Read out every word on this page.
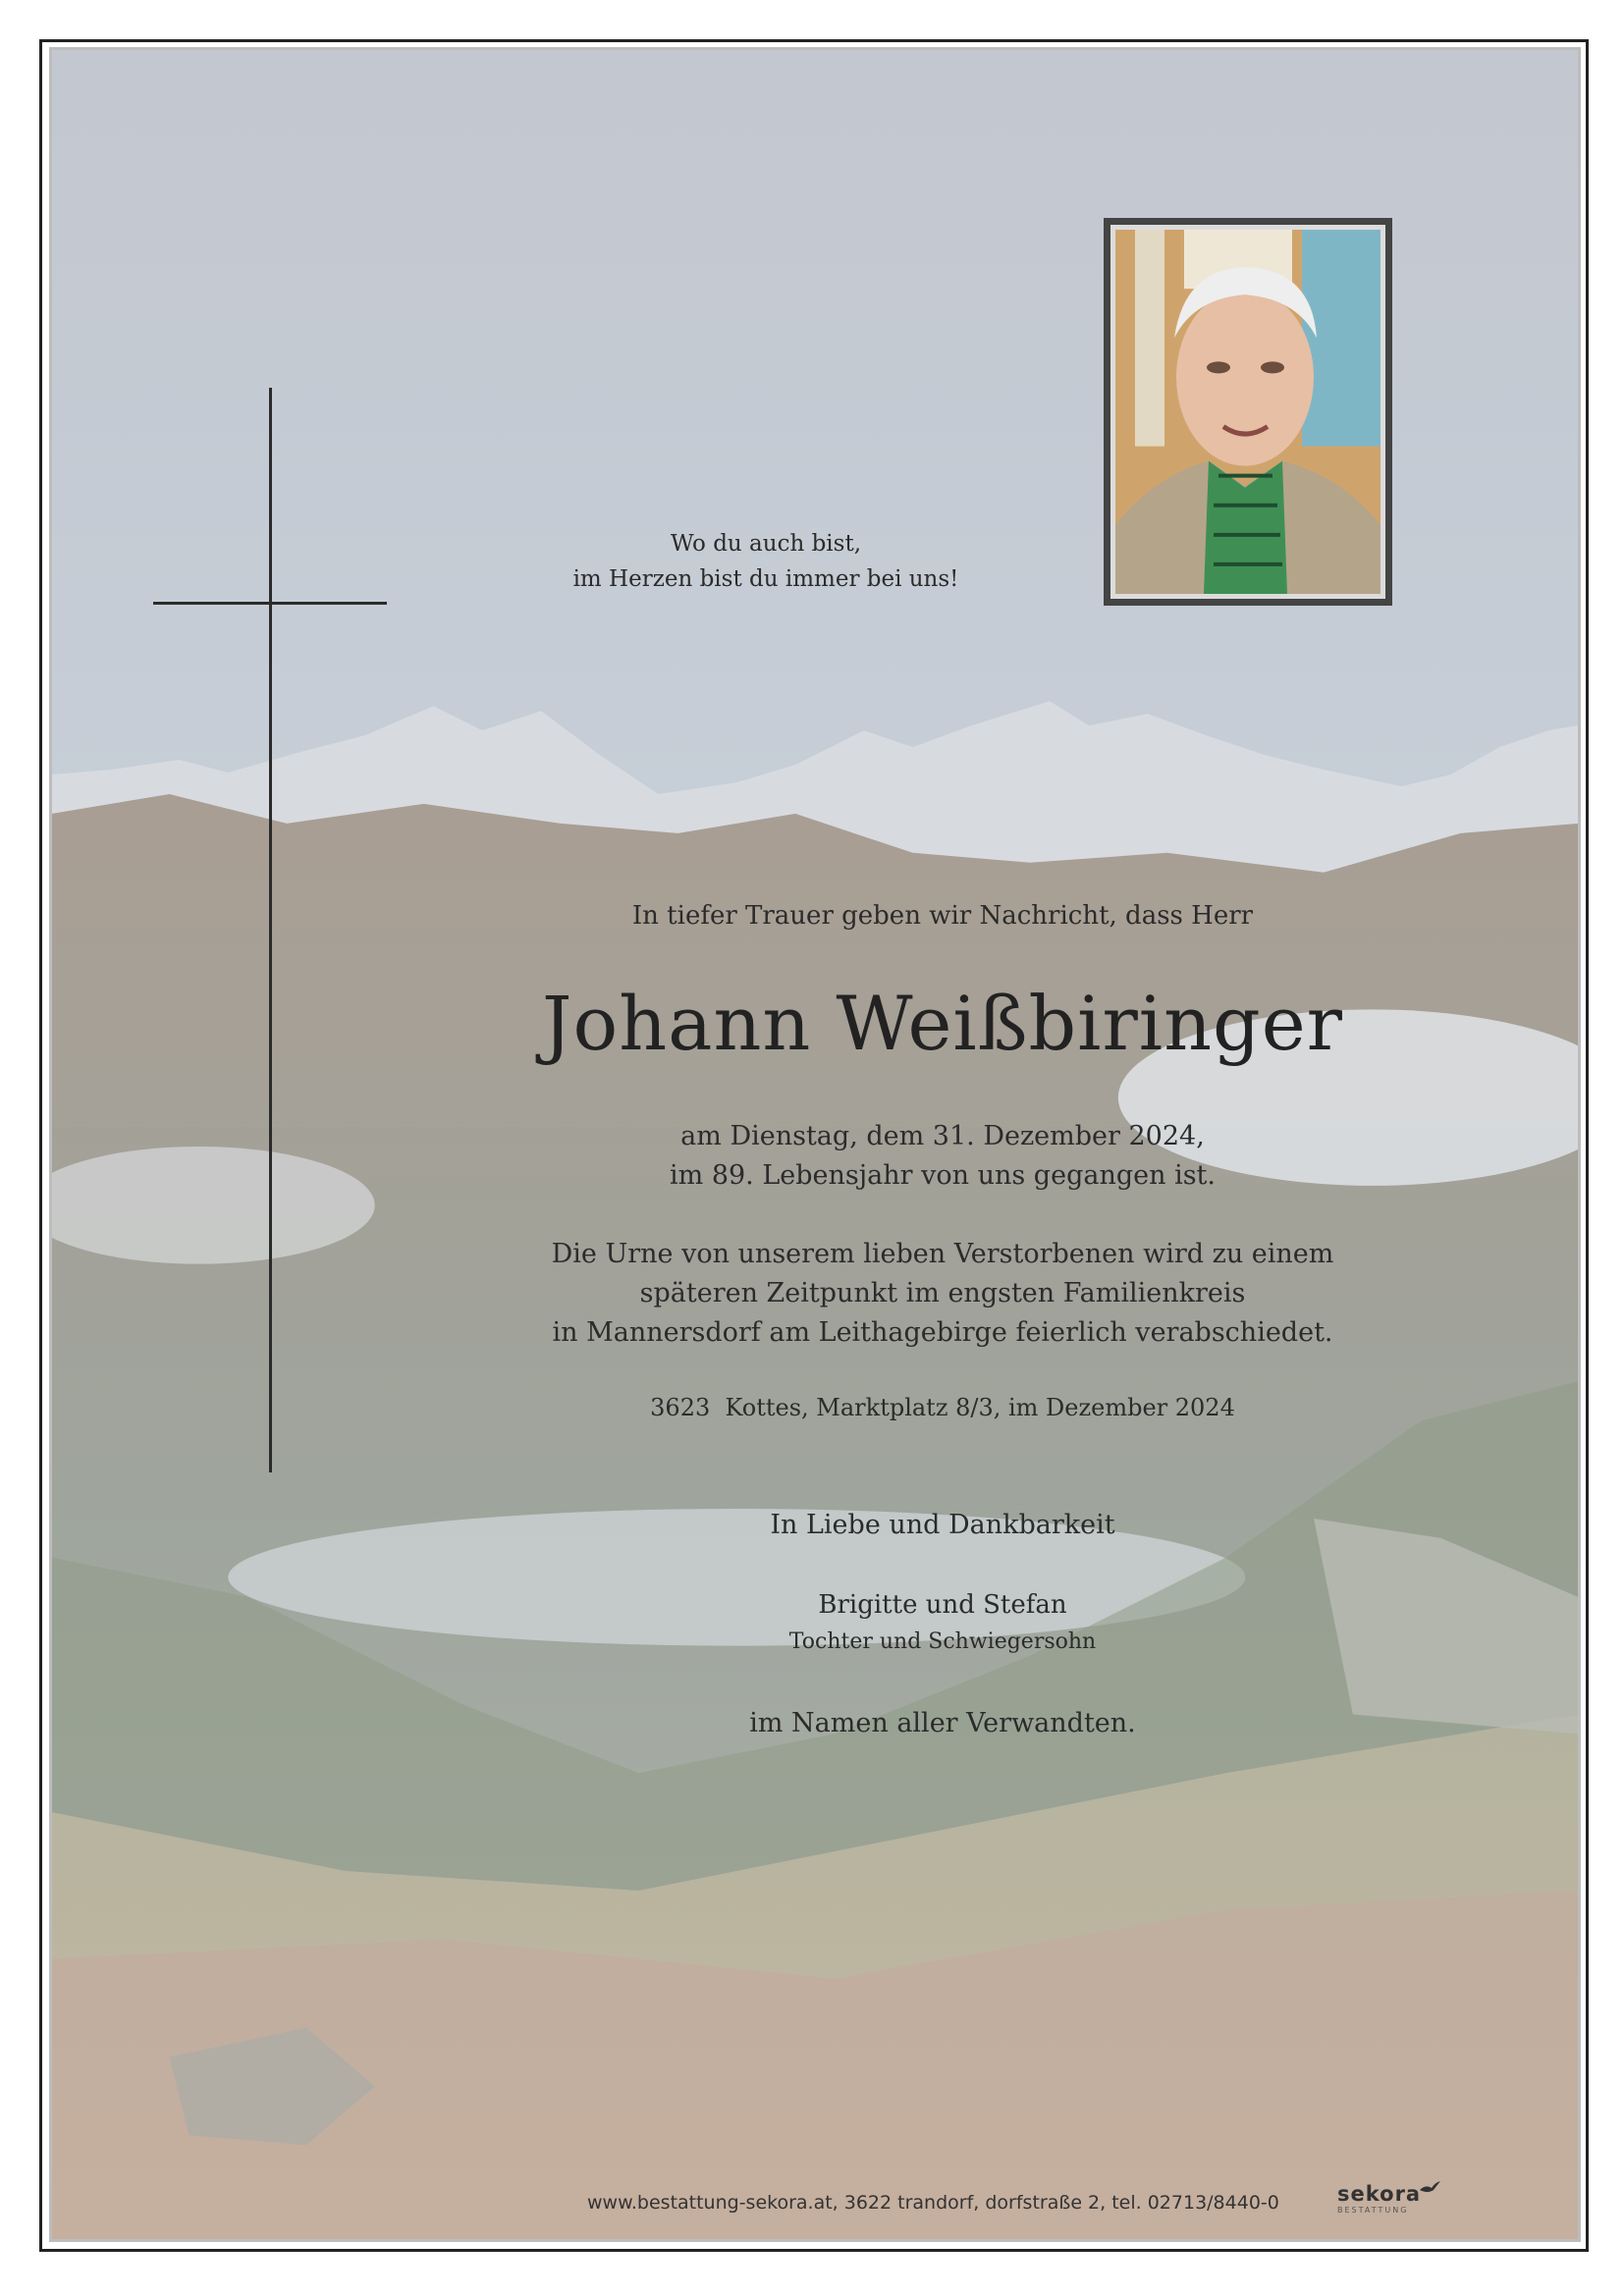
Wo du auch bist,
im Herzen bist du immer bei uns!
In tiefer Trauer geben wir Nachricht, dass Herr
Johann Weißbiringer
am Dienstag, dem 31. Dezember 2024,
im 89. Lebensjahr von uns gegangen ist.
Die Urne von unserem lieben Verstorbenen wird zu einem
späteren Zeitpunkt im engsten Familienkreis
in Mannersdorf am Leithagebirge feierlich verabschiedet.
3623  Kottes, Marktplatz 8/3, im Dezember 2024
In Liebe und Dankbarkeit
Brigitte und Stefan
Tochter und Schwiegersohn
im Namen aller Verwandten.
www.bestattung-sekora.at, 3622 trandorf, dorfstraße 2, tel. 02713/8440-0	sekora
BESTATTUNG
